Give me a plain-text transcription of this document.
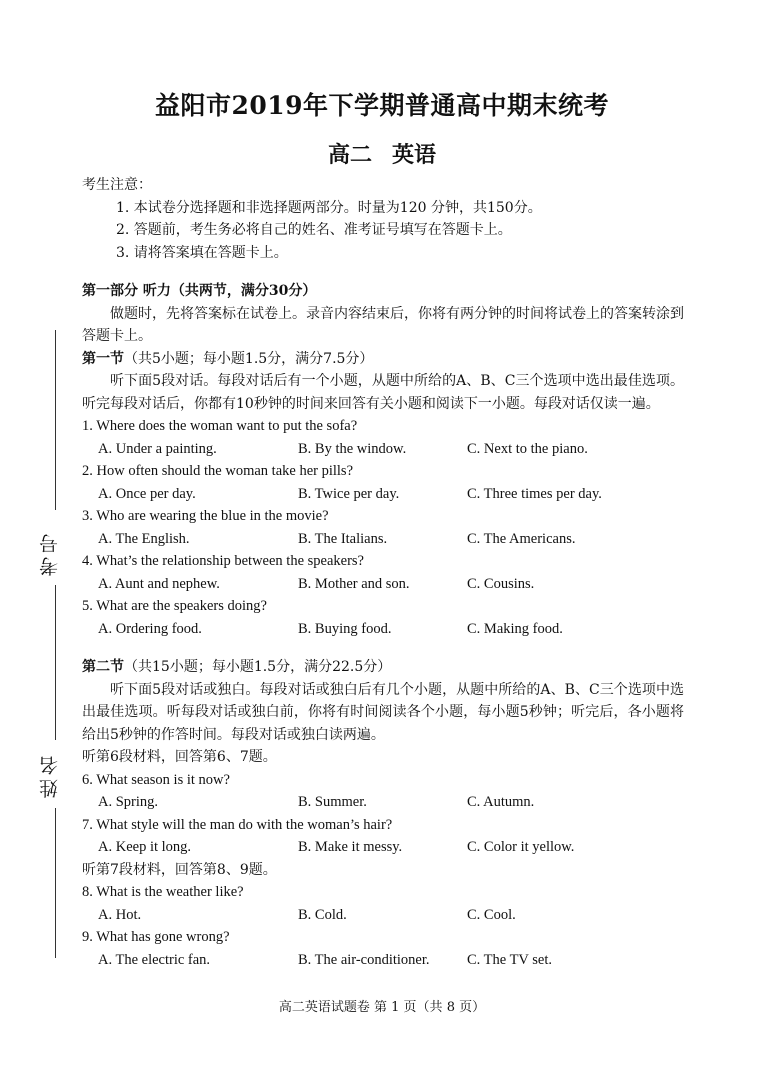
考号
姓名
益阳市2019年下学期普通高中期末统考
高二 英语
考生注意：
1. 本试卷分选择题和非选择题两部分。时量为120 分钟，共150分。
2. 答题前，考生务必将自己的姓名、准考证号填写在答题卡上。
3. 请将答案填在答题卡上。
第一部分 听力（共两节，满分30分）
做题时，先将答案标在试卷上。录音内容结束后，你将有两分钟的时间将试卷上的答案转涂到答题卡上。
第一节（共5小题；每小题1.5分，满分7.5分）
听下面5段对话。每段对话后有一个小题，从题中所给的A、B、C三个选项中选出最佳选项。听完每段对话后，你都有10秒钟的时间来回答有关小题和阅读下一小题。每段对话仅读一遍。
1. Where does the woman want to put the sofa?
A. Under a painting.	B. By the window.	C. Next to the piano.
2. How often should the woman take her pills?
A. Once per day.	B. Twice per day.	C. Three times per day.
3. Who are wearing the blue in the movie?
A. The English.	B. The Italians.	C. The Americans.
4. What’s the relationship between the speakers?
A. Aunt and nephew.	B. Mother and son.	C. Cousins.
5. What are the speakers doing?
A. Ordering food.	B. Buying food.	C. Making food.
第二节（共15小题；每小题1.5分，满分22.5分）
听下面5段对话或独白。每段对话或独白后有几个小题，从题中所给的A、B、C三个选项中选出最佳选项。听每段对话或独白前，你将有时间阅读各个小题，每小题5秒钟；听完后，各小题将给出5秒钟的作答时间。每段对话或独白读两遍。
听第6段材料，回答第6、7题。
6. What season is it now?
A. Spring.	B. Summer.	C. Autumn.
7. What style will the man do with the woman’s hair?
A. Keep it long.	B. Make it messy.	C. Color it yellow.
听第7段材料，回答第8、9题。
8. What is the weather like?
A. Hot.	B. Cold.	C. Cool.
9. What has gone wrong?
A. The electric fan.	B. The air-conditioner.	C. The TV set.
高二英语试题卷 第 1 页（共 8 页）
